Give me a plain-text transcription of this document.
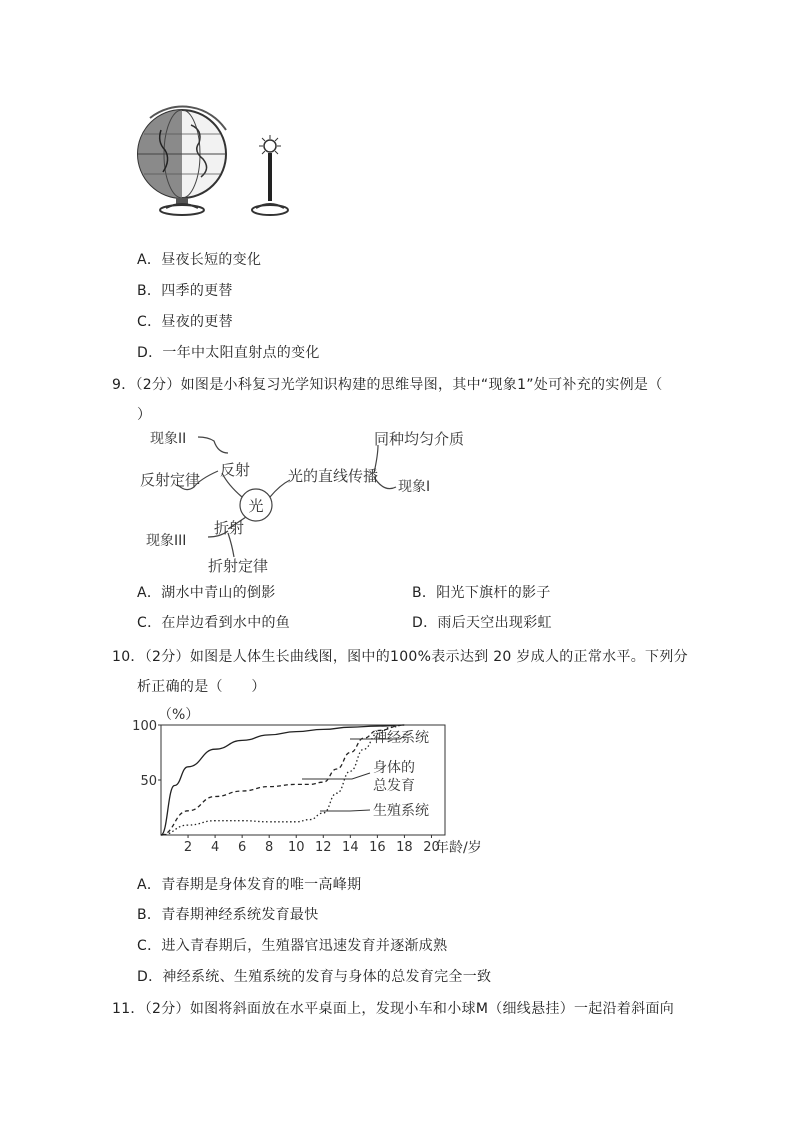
A．昼夜长短的变化
B．四季的更替
C．昼夜的更替
D．一年中太阳直射点的变化
9．（2分）如图是小科复习光学知识构建的思维导图，其中“现象1”处可补充的实例是（
）
光
现象II
反射
反射定律	光的直线传播
同种均匀介质
现象I
折射
现象III
折射定律
A．湖水中青山的倒影	B．阳光下旗杆的影子
C．在岸边看到水中的鱼	D．雨后天空出现彩虹
10．（2分）如图是人体生长曲线图，图中的100%表示达到 20 岁成人的正常水平。下列分
析正确的是（　　）
（%）
年龄/岁
50
100
2 4 6 8 10 12 14 16 18 20
神经系统
身体的
总发育
生殖系统
A．青春期是身体发育的唯一高峰期
B．青春期神经系统发育最快
C．进入青春期后，生殖器官迅速发育并逐渐成熟
D．神经系统、生殖系统的发育与身体的总发育完全一致
11．（2分）如图将斜面放在水平桌面上，发现小车和小球M（细线悬挂）一起沿着斜面向
